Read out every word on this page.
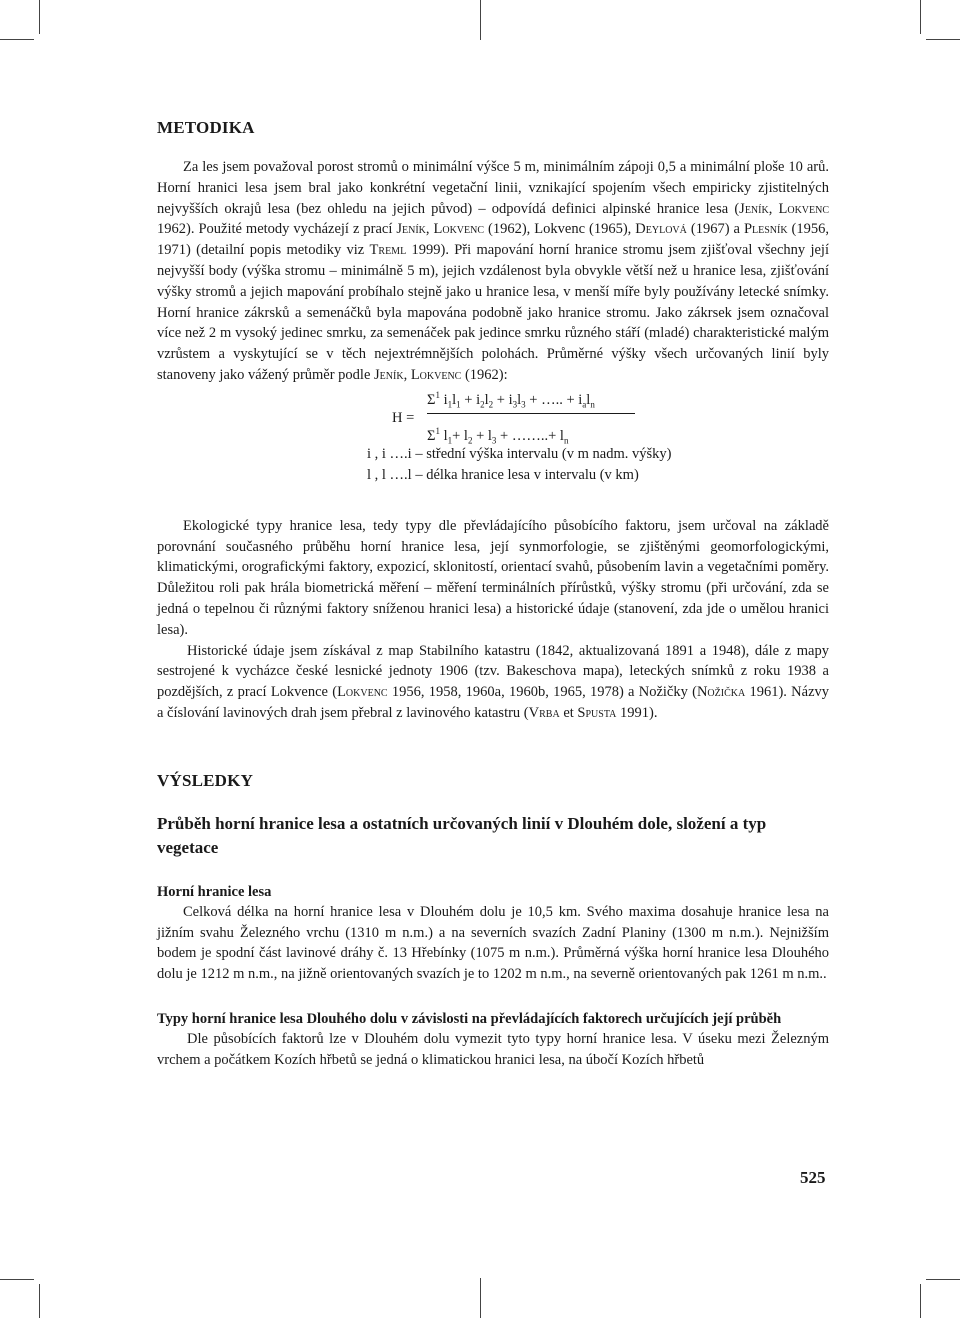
METODIKA

Za les jsem považoval porost stromů o minimální výšce 5 m, minimálním zápoji 0,5 a minimální ploše 10 arů. Horní hranici lesa jsem bral jako konkrétní vegetační linii, vznikající spojením všech empiricky zjistitelných nejvyšších okrajů lesa (bez ohledu na jejich původ) – odpovídá definici alpinské hranice lesa (Jeník, Lokvenc 1962). Použité metody vycházejí z prací Jeník, Lokvenc (1962), Lokvenc (1965), Deylová (1967) a Plesník (1956, 1971) (detailní popis metodiky viz Treml 1999). Při mapování horní hranice stromu jsem zjišťoval všechny její nejvyšší body (výška stromu – minimálně 5 m), jejich vzdálenost byla obvykle větší než u hranice lesa, zjišťování výšky stromů a jejich mapování probíhalo stejně jako u hranice lesa, v menší míře byly používány letecké snímky. Horní hranice zákrsků a semenáčků byla mapována podobně jako hranice stromu. Jako zákrsek jsem označoval více než 2 m vysoký jedinec smrku, za semenáček pak jedince smrku různého stáří (mladé) charakteristické malým vzrůstem a vyskytující se v těch nejextrémnějších polohách. Průměrné výšky všech určovaných linií byly stanoveny jako vážený průměr podle Jeník, Lokvenc (1962):

$\Sigma^1$ $i_1l_1 + i_2l_2 + i_3l_3$ + ….. + $i_al_n$
H =
$\Sigma^1$ $l_1+ l_2 + l_3$ + ……..+ $l_n$
i , i ….i – střední výška intervalu (v m nadm. výšky)
l , l ….l – délka hranice lesa v intervalu (v km)

Ekologické typy hranice lesa, tedy typy dle převládajícího působícího faktoru, jsem určoval na základě porovnání současného průběhu horní hranice lesa, její synmorfologie, se zjištěnými geomorfologickými, klimatickými, orografickými faktory, expozicí, sklonitostí, orientací svahů, působením lavin a vegetačními poměry. Důležitou roli pak hrála biometrická měření – měření terminálních přírůstků, výšky stromu (při určování, zda se jedná o tepelnou či různými faktory sníženou hranici lesa) a historické údaje (stanovení, zda jde o umělou hranici lesa).

Historické údaje jsem získával z map Stabilního katastru (1842, aktualizovaná 1891 a 1948), dále z mapy sestrojené k vycházce české lesnické jednoty 1906 (tzv. Bakeschova mapa), leteckých snímků z roku 1938 a pozdějších, z prací Lokvence (Lokvenc 1956, 1958, 1960a, 1960b, 1965, 1978) a Nožičky (Nožička 1961). Názvy a číslování lavinových drah jsem přebral z lavinového katastru (Vrba et Spusta 1991).

VÝSLEDKY
Průběh horní hranice lesa a ostatních určovaných linií v Dlouhém dole, složení a typ vegetace
Horní hranice lesa

Celková délka na horní hranice lesa v Dlouhém dolu je 10,5 km. Svého maxima dosahuje hranice lesa na jižním svahu Železného vrchu (1310 m n.m.) a na severních svazích Zadní Planiny (1300 m n.m.). Nejnižším bodem je spodní část lavinové dráhy č. 13 Hřebínky (1075 m n.m.). Průměrná výška horní hranice lesa Dlouhého dolu je 1212 m n.m., na jižně orientovaných svazích je to 1202 m n.m., na severně orientovaných pak 1261 m n.m..

Typy horní hranice lesa Dlouhého dolu v závislosti na převládajících faktorech určujících její průběh

Dle působících faktorů lze v Dlouhém dolu vymezit tyto typy horní hranice lesa. V úseku mezi Železným vrchem a počátkem Kozích hřbetů se jedná o klimatickou hranici lesa, na úbočí Kozích hřbetů

525
